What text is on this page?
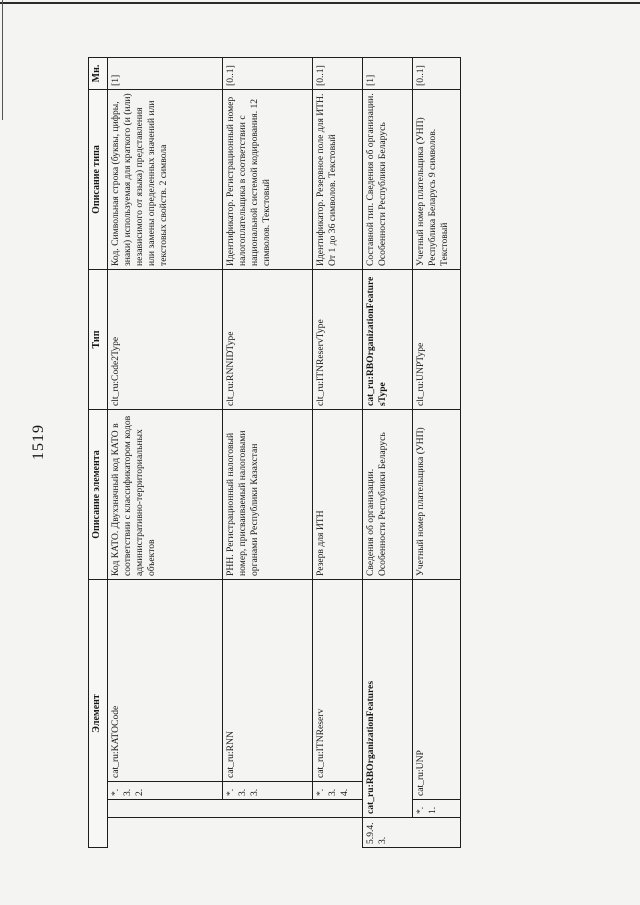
1519
Элемент				Описание элемента	Тип	Описание типа	Мн.
		*.3.2.	cat_ru:KATOCode	Код КАТО. Двухзначный код КАТО в соответствии с классификатором кодов административно-территориальных объектов	clt_ru:Code2Type	Код. Символьная строка (буквы, цифры, знаки) используемая для краткого (и (или) независимого от языка) представления или замены определенных значений или текстовых свойств. 2 символа	[1]
		*.3.3.	cat_ru:RNN	РНН. Регистрационный налоговый номер, присваиваемый налоговыми органами Республики Казахстан	clt_ru:RNNIDType	Идентификатор. Регистрационный номер налогоплательщика в соответствии с национальной системой кодирования. 12 символов. Текстовый	[0..1]
		*.3.4.	cat_ru:ITNReserv	Резерв для ИТН	clt_ru:ITNReservType	Идентификатор. Резервное поле для ИТН. От 1 до 36 символов. Текстовый	[0..1]
5.9.4.3.	cat_ru:RBOrganizationFeatures			Сведения об организации. Особенности Республики Беларусь	cat_ru:RBOrganizationFeaturesType	Составной тип. Сведения об организации. Особенности Республики Беларусь	[1]
	*.1.	cat_ru:UNP		Учетный номер плательщика (УНП)	clt_ru:UNPType	Учетный номер плательщика (УНП) Республика Беларусь 9 символов. Текстовый	[0..1]
